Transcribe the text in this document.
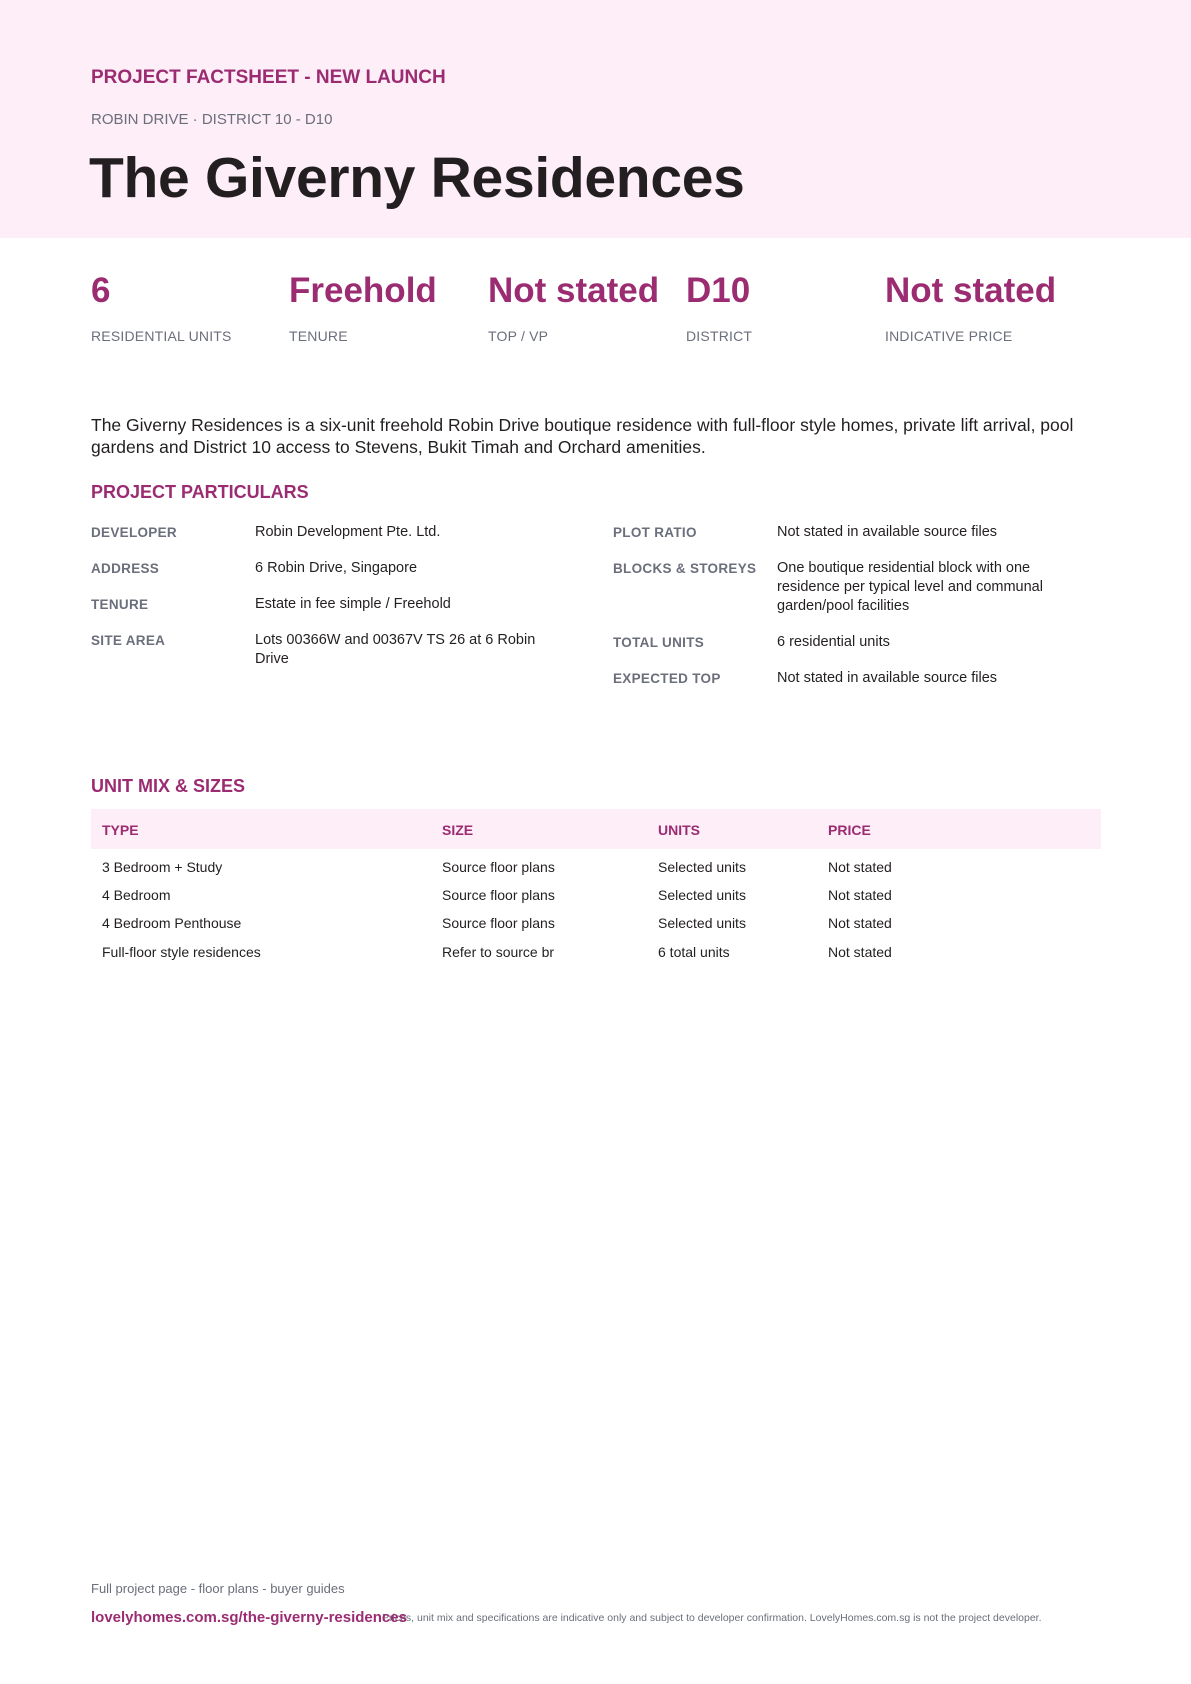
PROJECT FACTSHEET - NEW LAUNCH
ROBIN DRIVE · DISTRICT 10 - D10
The Giverny Residences
6
RESIDENTIAL UNITS
Freehold
TENURE
Not stated
TOP / VP
D10
DISTRICT
Not stated
INDICATIVE PRICE

The Giverny Residences is a six-unit freehold Robin Drive boutique residence with full-floor style homes, private lift arrival, pool gardens and District 10 access to Stevens, Bukit Timah and Orchard amenities.

PROJECT PARTICULARS
DEVELOPER	Robin Development Pte. Ltd.
ADDRESS	6 Robin Drive, Singapore
TENURE	Estate in fee simple / Freehold
SITE AREA	Lots 00366W and 00367V TS 26 at 6 Robin Drive
PLOT RATIO	Not stated in available source files
BLOCKS & STOREYS One boutique residential block with one residence per typical level and communal garden/pool facilities
TOTAL UNITS	6 residential units
EXPECTED TOP	Not stated in available source files
UNIT MIX & SIZES
TYPE	SIZE	UNITS	PRICE
3 Bedroom + Study	Source floor plans	Selected units	Not stated
4 Bedroom	Source floor plans	Selected units	Not stated
4 Bedroom Penthouse	Source floor plans	Selected units	Not stated
Full-floor style residences	Refer to source br	6 total units	Not stated
Full project page - floor plans - buyer guides
Prices, unit mix and specifications are indicative only and subject to developer confirmation. LovelyHomes.com.sg is not the project developer.
lovelyhomes.com.sg/the-giverny-residences
